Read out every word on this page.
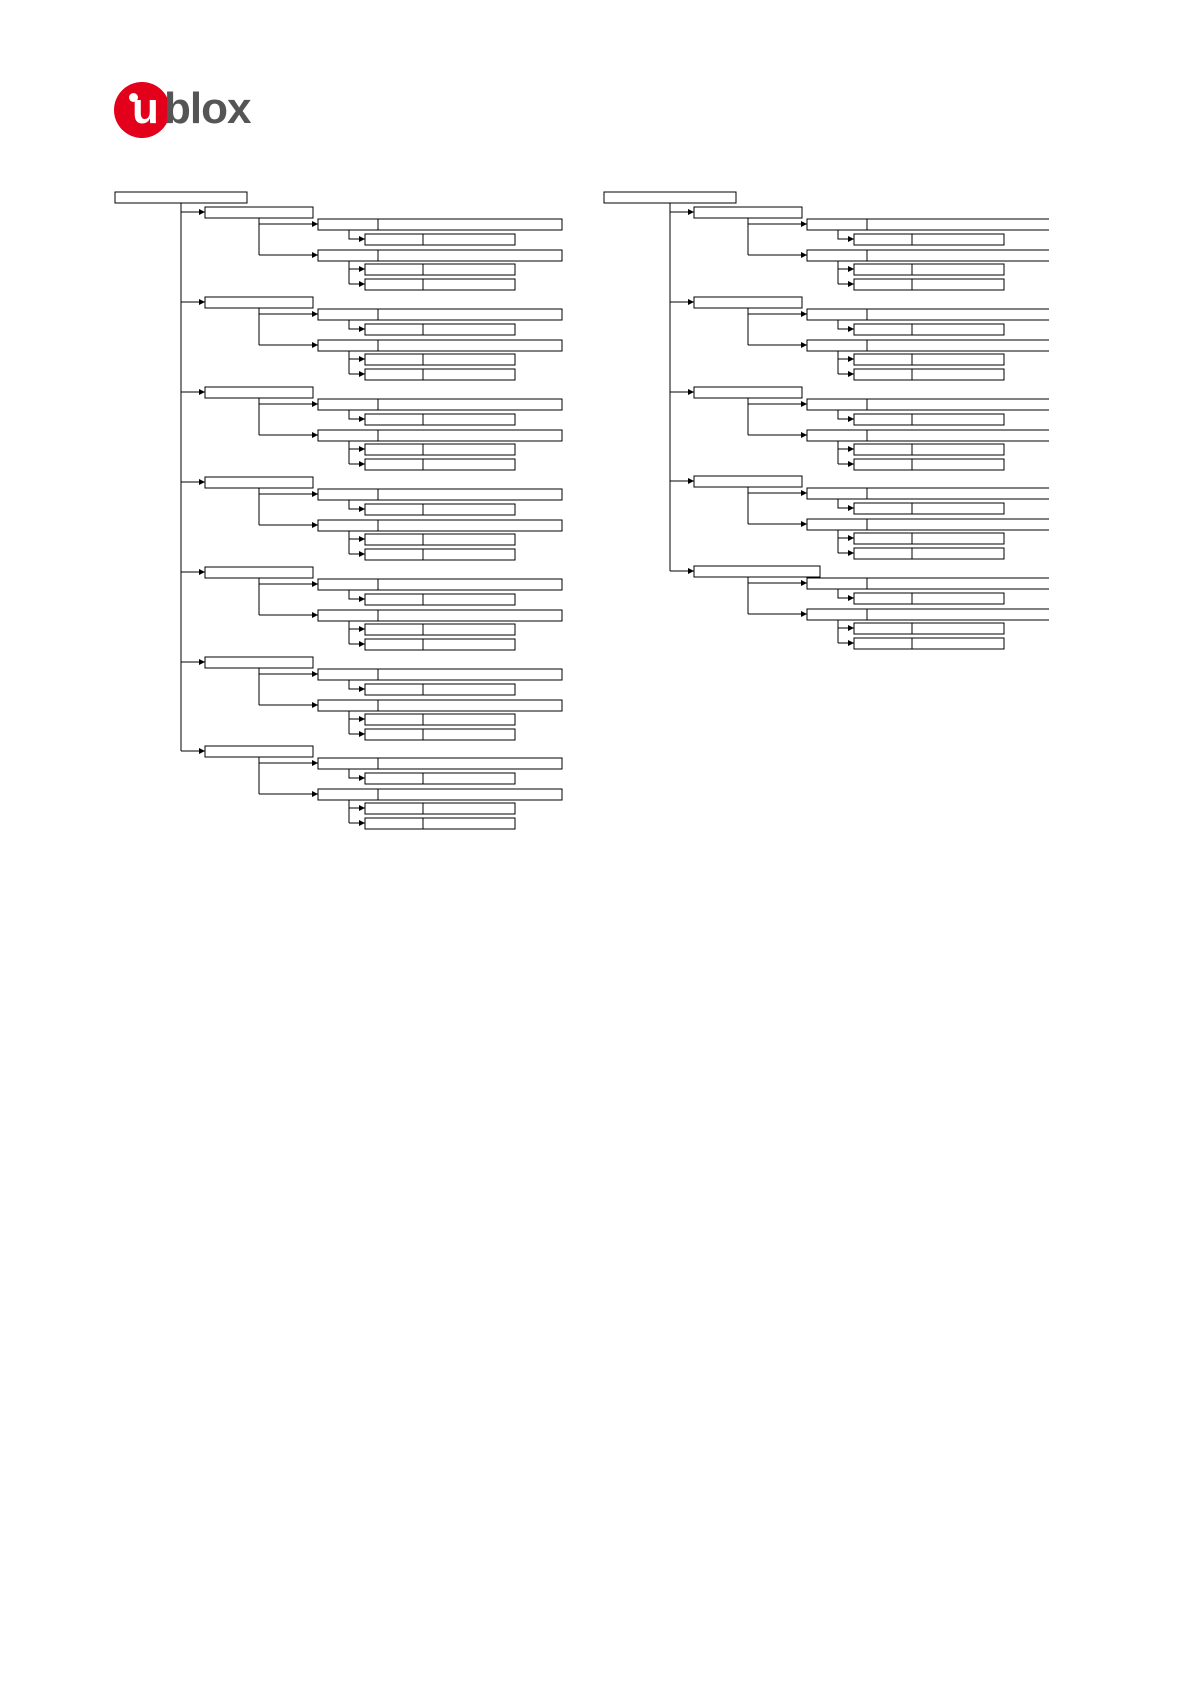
u blox
